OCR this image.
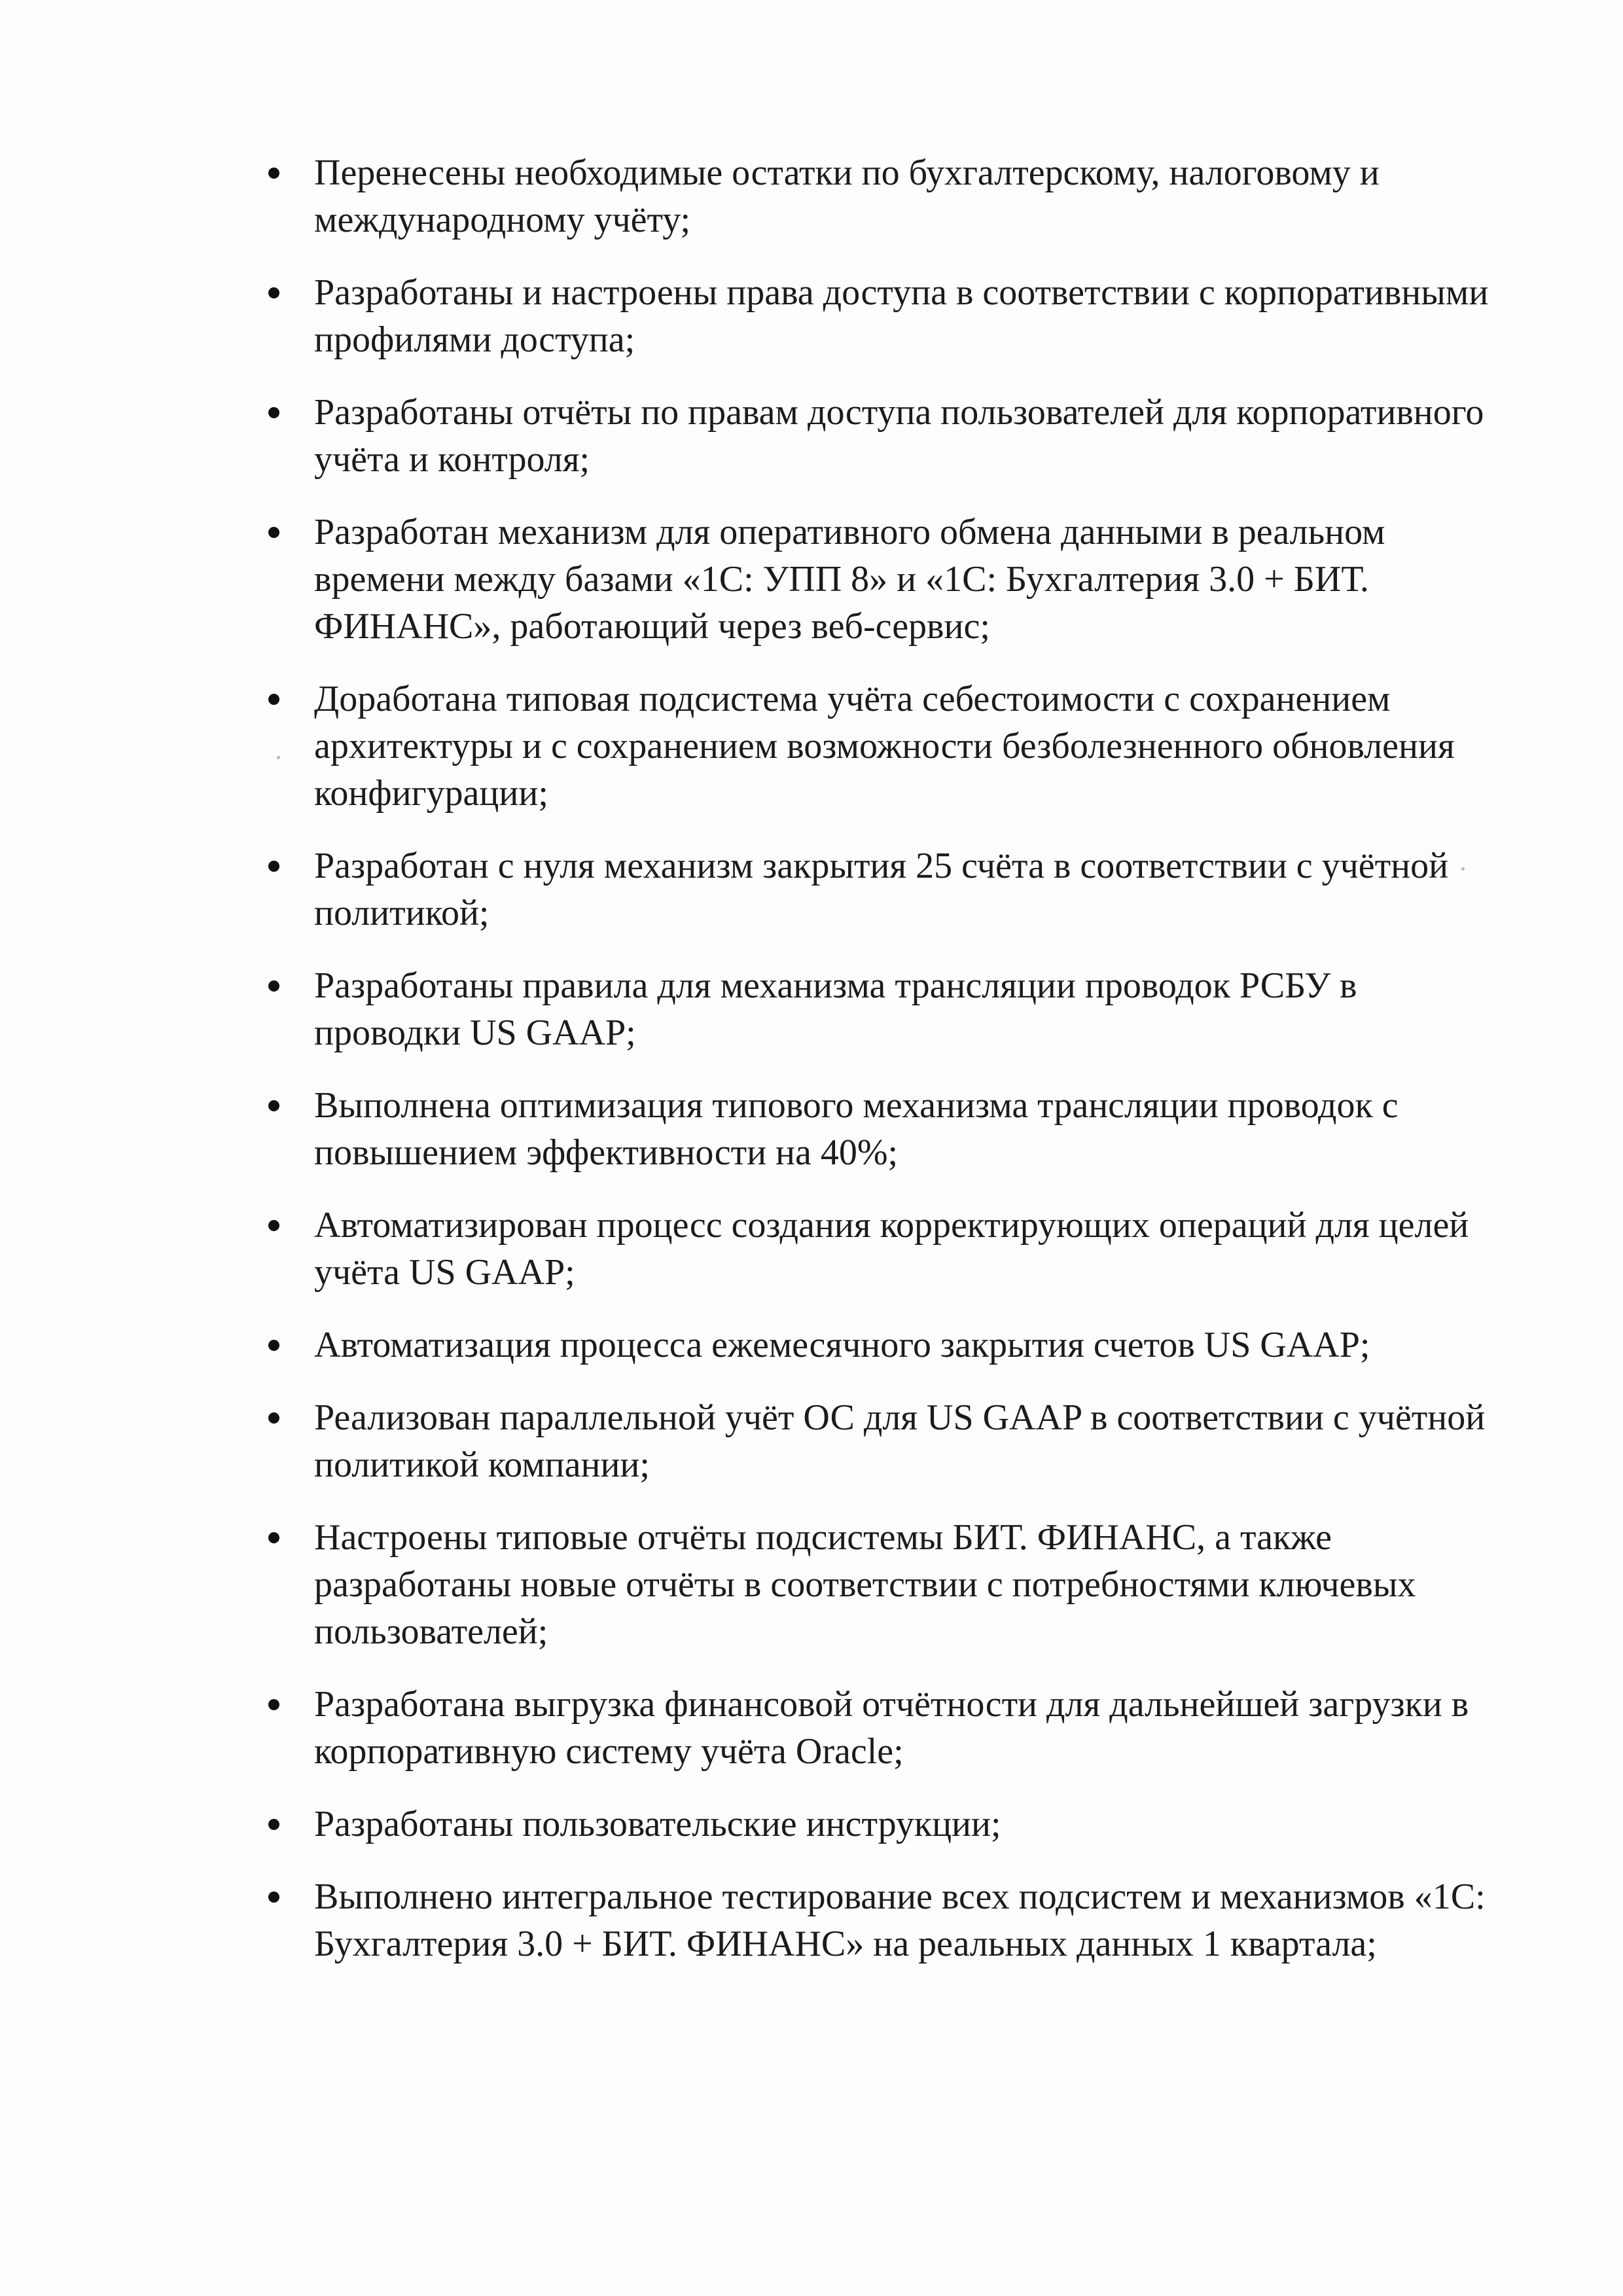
Перенесены необходимые остатки по бухгалтерскому, налоговому и международному учёту;
Разработаны и настроены права доступа в соответствии с корпоративными профилями доступа;
Разработаны отчёты по правам доступа пользователей для корпоративного учёта и контроля;
Разработан механизм для оперативного обмена данными в реальном времени между базами «1С: УПП 8» и «1С: Бухгалтерия 3.0 + БИТ. ФИНАНС», работающий через веб-сервис;
Доработана типовая подсистема учёта себестоимости с сохранением архитектуры и с сохранением возможности безболезненного обновления конфигурации;
Разработан с нуля механизм закрытия 25 счёта в соответствии с учётной политикой;
Разработаны правила для механизма трансляции проводок РСБУ в проводки US GAAP;
Выполнена оптимизация типового механизма трансляции проводок с повышением эффективности на 40%;
Автоматизирован процесс создания корректирующих операций для целей учёта US GAAP;
Автоматизация процесса ежемесячного закрытия счетов US GAAP;
Реализован параллельной учёт ОС для US GAAP в соответствии с учётной политикой компании;
Настроены типовые отчёты подсистемы БИТ. ФИНАНС, а также разработаны новые отчёты в соответствии с потребностями ключевых пользователей;
Разработана выгрузка финансовой отчётности для дальнейшей загрузки в корпоративную систему учёта Oracle;
Разработаны пользовательские инструкции;
Выполнено интегральное тестирование всех подсистем и механизмов «1С: Бухгалтерия 3.0 + БИТ. ФИНАНС» на реальных данных 1 квартала;
